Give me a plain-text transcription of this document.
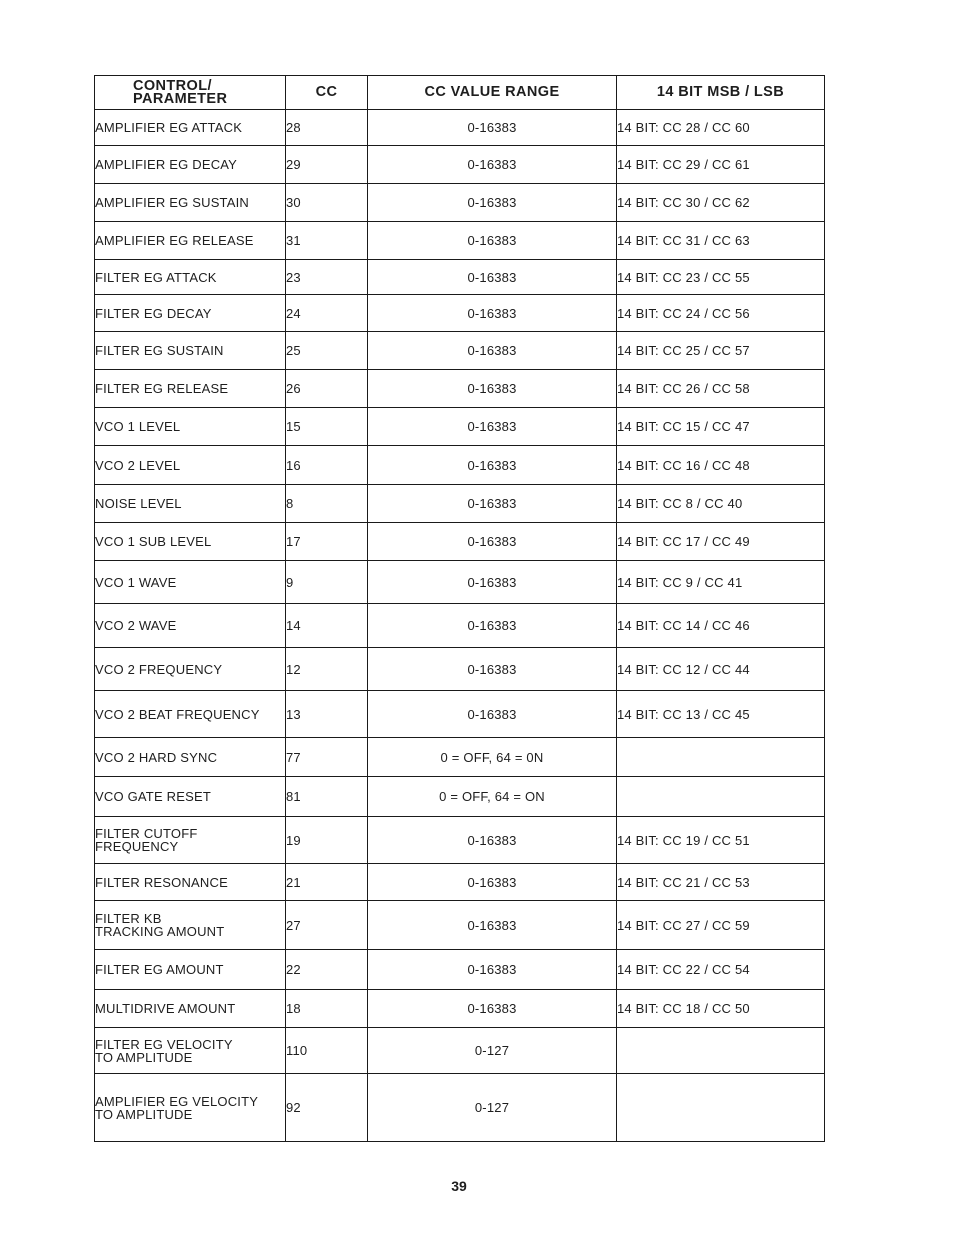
CONTROL/
PARAMETER	CC	CC VALUE RANGE	14 BIT MSB / LSB

AMPLIFIER EG ATTACK	28	0-16383	14 BIT: CC 28 / CC 60

AMPLIFIER EG DECAY	29	0-16383	14 BIT: CC 29 / CC 61

AMPLIFIER EG SUSTAIN	30	0-16383	14 BIT: CC 30 / CC 62

AMPLIFIER EG RELEASE	31	0-16383	14 BIT: CC 31 / CC 63

FILTER EG ATTACK	23	0-16383	14 BIT: CC 23 / CC 55

FILTER EG DECAY	24	0-16383	14 BIT: CC 24 / CC 56

FILTER EG SUSTAIN	25	0-16383	14 BIT: CC 25 / CC 57

FILTER EG RELEASE	26	0-16383	14 BIT: CC 26 / CC 58

VCO 1 LEVEL	15	0-16383	14 BIT: CC 15 / CC 47

VCO 2 LEVEL	16	0-16383	14 BIT: CC 16 / CC 48

NOISE LEVEL	8	0-16383	14 BIT: CC 8 / CC 40

VCO 1 SUB LEVEL	17	0-16383	14 BIT: CC 17 / CC 49

VCO 1 WAVE	9	0-16383	14 BIT: CC 9 / CC 41

VCO 2 WAVE	14	0-16383	14 BIT: CC 14 / CC 46

VCO 2 FREQUENCY	12	0-16383	14 BIT: CC 12 / CC 44

VCO 2 BEAT FREQUENCY	13	0-16383	14 BIT: CC 13 / CC 45

VCO 2 HARD SYNC	77	0 = OFF, 64 = 0N	

VCO GATE RESET	81	0 = OFF, 64 = ON	

FILTER CUTOFF
FREQUENCY	19	0-16383	14 BIT: CC 19 / CC 51

FILTER RESONANCE	21	0-16383	14 BIT: CC 21 / CC 53

FILTER KB
TRACKING AMOUNT	27	0-16383	14 BIT: CC 27 / CC 59

FILTER EG AMOUNT	22	0-16383	14 BIT: CC 22 / CC 54

MULTIDRIVE AMOUNT	18	0-16383	14 BIT: CC 18 / CC 50

FILTER EG VELOCITY
TO AMPLITUDE	110	0-127	

AMPLIFIER EG VELOCITY
TO AMPLITUDE	92	0-127	
39
